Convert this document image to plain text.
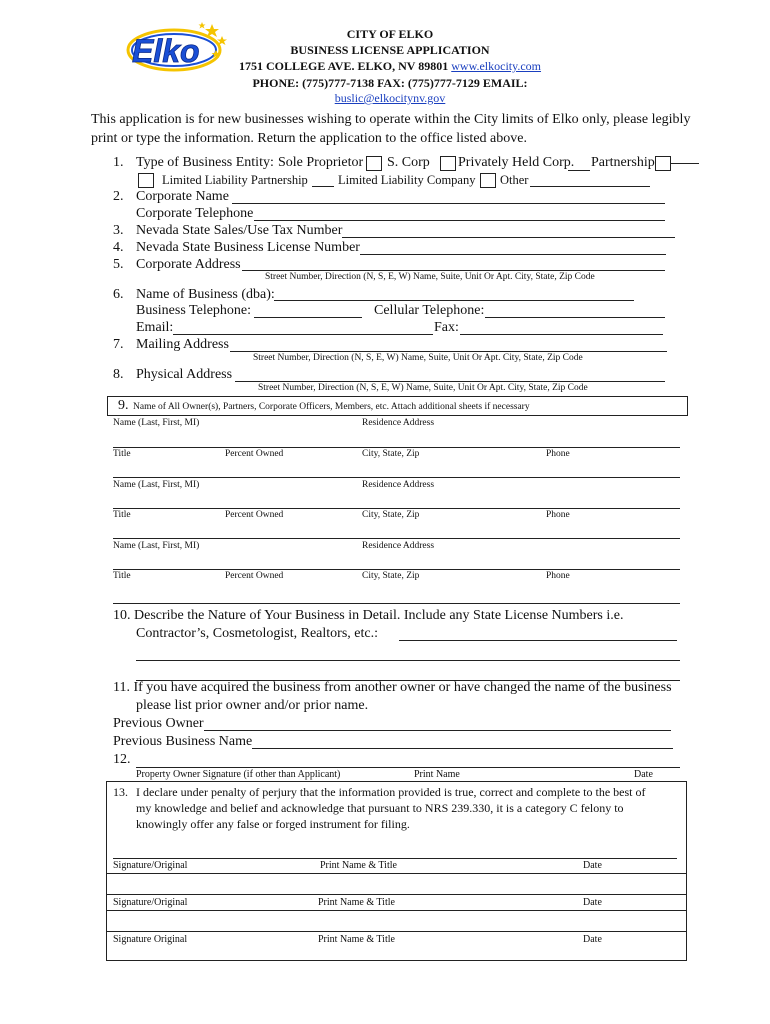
Elko	CITY OF ELKO
BUSINESS LICENSE APPLICATION
1751 COLLEGE AVE. ELKO, NV 89801 www.elkocity.com
PHONE: (775)777-7138 FAX: (775)777-7129 EMAIL: buslic@elkocitynv.gov
This application is for new businesses wishing to operate within the City limits of Elko only, please legibly print or type the information. Return the application to the office listed above.
1. Type of Business Entity: Sole Proprietor S. Corp Privately Held Corp. Partnership
Limited Liability Partnership Limited Liability Company Other
2. Corporate Name
Corporate Telephone
3. Nevada State Sales/Use Tax Number
4. Nevada State Business License Number
5. Corporate Address
Street Number, Direction (N, S, E, W) Name, Suite, Unit Or Apt. City, State, Zip Code
6. Name of Business (dba):
Business Telephone:	Cellular Telephone:
Email:	Fax:
7. Mailing Address
Street Number, Direction (N, S, E, W) Name, Suite, Unit Or Apt. City, State, Zip Code
8. Physical Address
Street Number, Direction (N, S, E, W) Name, Suite, Unit Or Apt. City, State, Zip Code
9. Name of All Owner(s), Partners, Corporate Officers, Members, etc. Attach additional sheets if necessary
Name (Last, First, MI)	Residence Address
Title	Percent Owned	City, State, Zip	Phone
Name (Last, First, MI)	Residence Address
Title	Percent Owned	City, State, Zip	Phone
Name (Last, First, MI)	Residence Address
Title	Percent Owned	City, State, Zip	Phone
10. Describe the Nature of Your Business in Detail. Include any State License Numbers i.e.
Contractor’s, Cosmetologist, Realtors, etc.:
11. If you have acquired the business from another owner or have changed the name of the business
please list prior owner and/or prior name.
Previous Owner
Previous Business Name
12.
Property Owner Signature (if other than Applicant)	Print Name	Date
13. I declare under penalty of perjury that the information provided is true, correct and complete to the best of
my knowledge and belief and acknowledge that pursuant to NRS 239.330, it is a category C felony to
knowingly offer any false or forged instrument for filing.
Signature/Original	Print Name & Title	Date
Signature/Original	Print Name & Title	Date
Signature Original	Print Name & Title	Date
